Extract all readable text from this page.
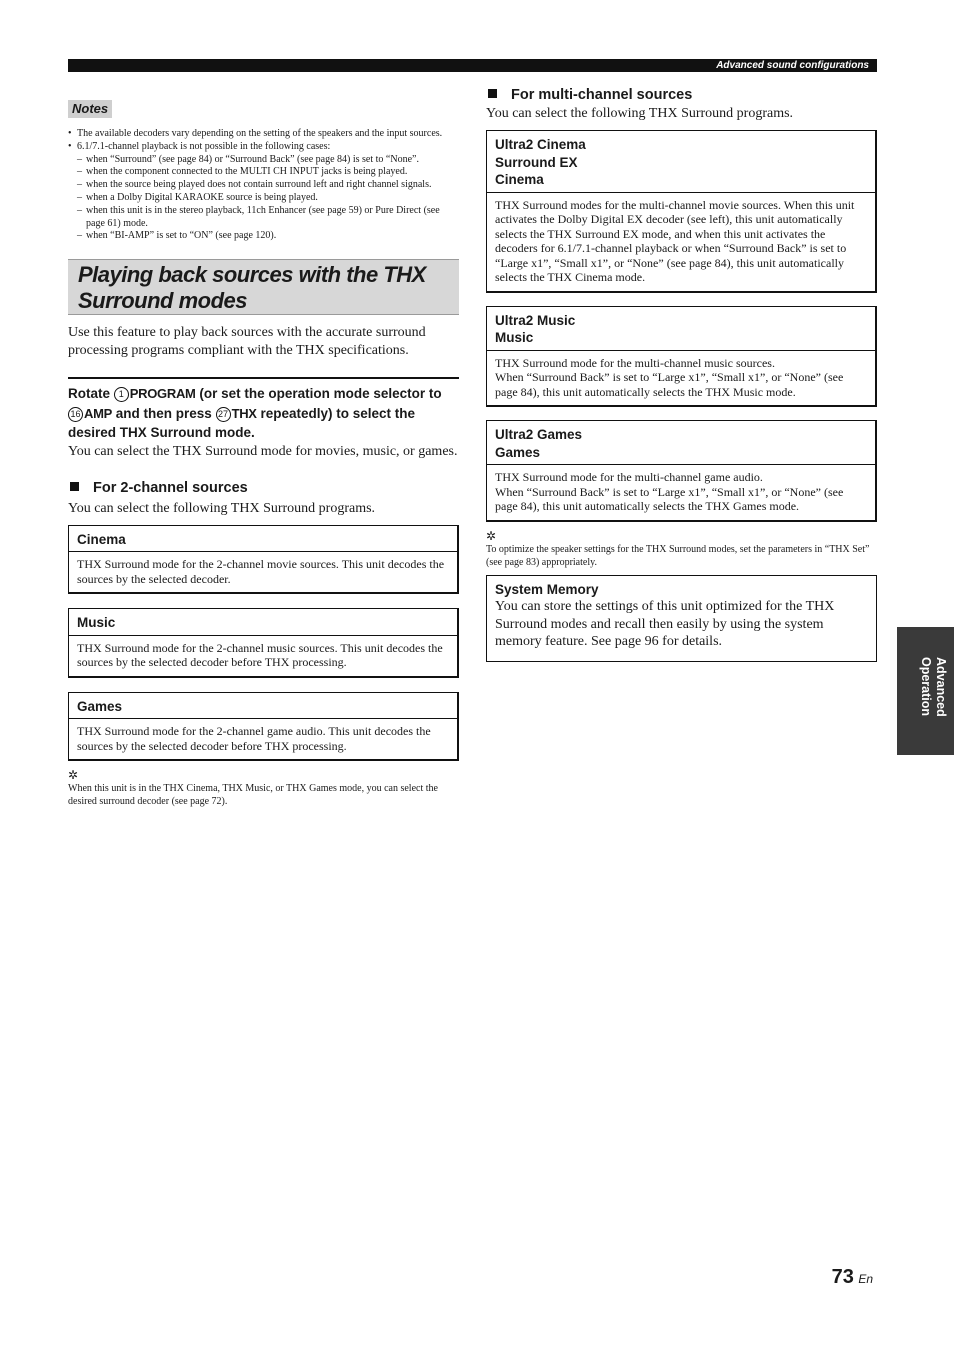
Advanced sound configurations
Notes
• The available decoders vary depending on the setting of the speakers and the input sources.
• 6.1/7.1-channel playback is not possible in the following cases:
– when “Surround” (see page 84) or “Surround Back” (see page 84) is set to “None”.
– when the component connected to the MULTI CH INPUT jacks is being played.
– when the source being played does not contain surround left and right channel signals.
– when a Dolby Digital KARAOKE source is being played.
– when this unit is in the stereo playback, 11ch Enhancer (see page 59) or Pure Direct (see page 61) mode.
– when “BI-AMP” is set to “ON” (see page 120).
Playing back sources with the THX
Surround modes

Use this feature to play back sources with the accurate surround processing programs compliant with the THX specifications.

Rotate 1 PROGRAM (or set the operation mode selector to 16 AMP and then press 27 THX repeatedly) to select the desired THX Surround mode.

You can select the THX Surround mode for movies, music, or games.

For 2-channel sources

You can select the following THX Surround programs.

Cinema
THX Surround mode for the 2-channel movie sources. This unit decodes the sources by the selected decoder.
Music
THX Surround mode for the 2-channel music sources. This unit decodes the sources by the selected decoder before THX processing.
Games
THX Surround mode for the 2-channel game audio. This unit decodes the sources by the selected decoder before THX processing.
✲

When this unit is in the THX Cinema, THX Music, or THX Games mode, you can select the desired surround decoder (see page 72).

For multi-channel sources

You can select the following THX Surround programs.

Ultra2 Cinema
Surround EX
Cinema

THX Surround modes for the multi-channel movie sources. When this unit activates the Dolby Digital EX decoder (see left), this unit automatically selects the THX Surround EX mode, and when this unit activates the decoders for 6.1/7.1-channel playback or when “Surround Back” is set to “Large x1”, “Small x1”, or “None” (see page 84), this unit automatically selects the THX Cinema mode.

Ultra2 Music
Music

THX Surround mode for the multi-channel music sources.

When “Surround Back” is set to “Large x1”, “Small x1”, or “None” (see page 84), this unit automatically selects the THX Music mode.

Ultra2 Games
Games

THX Surround mode for the multi-channel game audio.

When “Surround Back” is set to “Large x1”, “Small x1”, or “None” (see page 84), this unit automatically selects the THX Games mode.

✲

To optimize the speaker settings for the THX Surround modes, set the parameters in “THX Set” (see page 83) appropriately.

System Memory
You can store the settings of this unit optimized for the THX Surround modes and recall then easily by using the system memory feature. See page 96 for details.
Advanced Operation
73 En
